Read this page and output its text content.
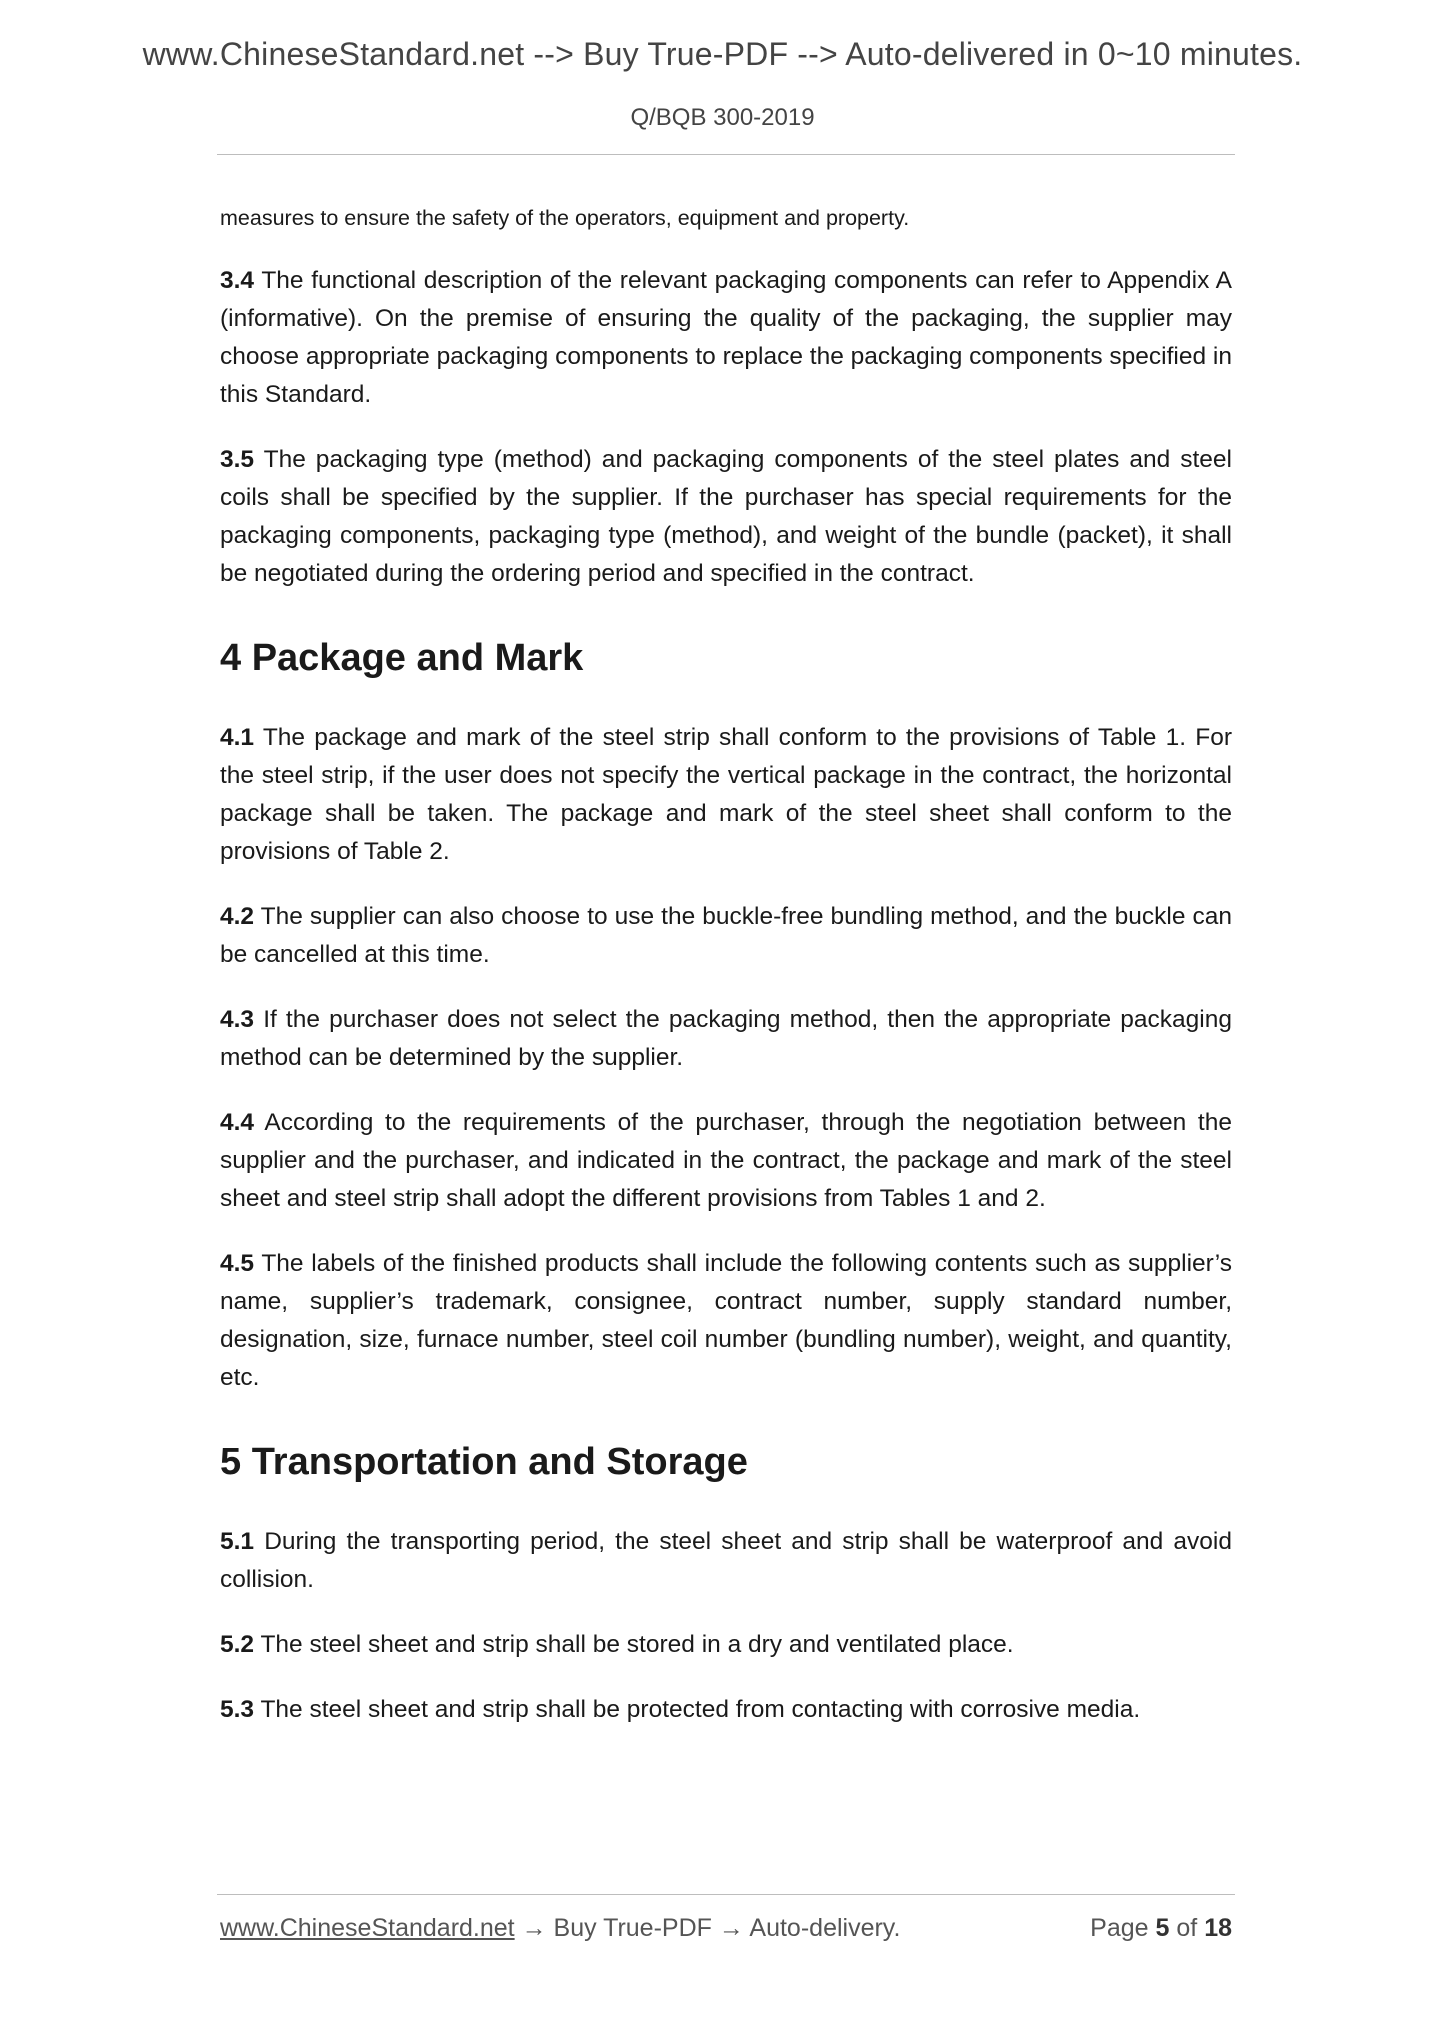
www.ChineseStandard.net --> Buy True-PDF --> Auto-delivered in 0~10 minutes.
Q/BQB 300-2019

measures to ensure the safety of the operators, equipment and property.

3.4 The functional description of the relevant packaging components can refer to Appendix A (informative). On the premise of ensuring the quality of the packaging, the supplier may choose appropriate packaging components to replace the packaging components specified in this Standard.

3.5 The packaging type (method) and packaging components of the steel plates and steel coils shall be specified by the supplier. If the purchaser has special requirements for the packaging components, packaging type (method), and weight of the bundle (packet), it shall be negotiated during the ordering period and specified in the contract.

4 Package and Mark

4.1 The package and mark of the steel strip shall conform to the provisions of Table 1. For the steel strip, if the user does not specify the vertical package in the contract, the horizontal package shall be taken. The package and mark of the steel sheet shall conform to the provisions of Table 2.

4.2 The supplier can also choose to use the buckle-free bundling method, and the buckle can be cancelled at this time.

4.3 If the purchaser does not select the packaging method, then the appropriate packaging method can be determined by the supplier.

4.4 According to the requirements of the purchaser, through the negotiation between the supplier and the purchaser, and indicated in the contract, the package and mark of the steel sheet and steel strip shall adopt the different provisions from Tables 1 and 2.

4.5 The labels of the finished products shall include the following contents such as supplier’s name, supplier’s trademark, consignee, contract number, supply standard number, designation, size, furnace number, steel coil number (bundling number), weight, and quantity, etc.

5 Transportation and Storage

5.1 During the transporting period, the steel sheet and strip shall be waterproof and avoid collision.

5.2 The steel sheet and strip shall be stored in a dry and ventilated place.

5.3 The steel sheet and strip shall be protected from contacting with corrosive media.

www.ChineseStandard.net → Buy True-PDF → Auto-delivery.	Page 5 of 18
